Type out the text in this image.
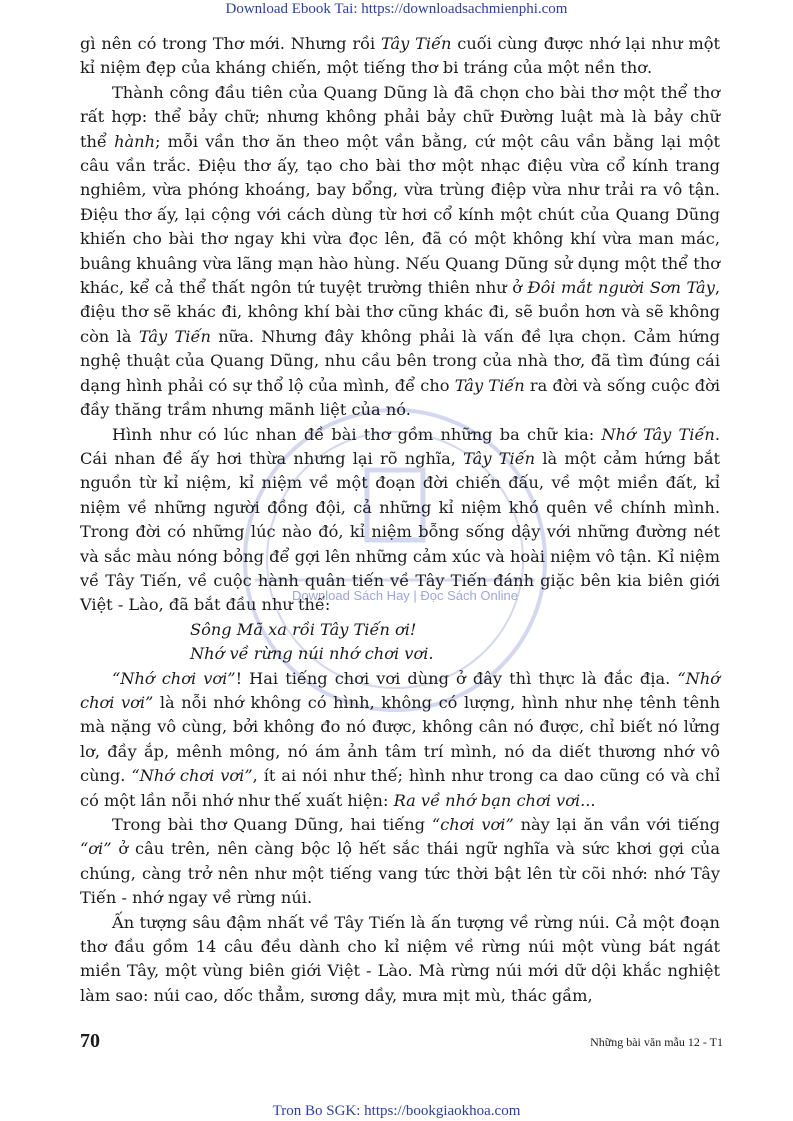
Download Ebook Tai: https://downloadsachmienphi.com
Download Sách Hay | Đọc Sách Online

gì nên có trong Thơ mới. Nhưng rồi Tây Tiến cuối cùng được nhớ lại như một kỉ niệm đẹp của kháng chiến, một tiếng thơ bi tráng của một nền thơ.

Thành công đầu tiên của Quang Dũng là đã chọn cho bài thơ một thể thơ rất hợp: thể bảy chữ; nhưng không phải bảy chữ Đường luật mà là bảy chữ thể hành; mỗi vần thơ ăn theo một vần bằng, cứ một câu vần bằng lại một câu vần trắc. Điệu thơ ấy, tạo cho bài thơ một nhạc điệu vừa cổ kính trang nghiêm, vừa phóng khoáng, bay bổng, vừa trùng điệp vừa như trải ra vô tận. Điệu thơ ấy, lại cộng với cách dùng từ hơi cổ kính một chút của Quang Dũng khiến cho bài thơ ngay khi vừa đọc lên, đã có một không khí vừa man mác, buâng khuâng vừa lãng mạn hào hùng. Nếu Quang Dũng sử dụng một thể thơ khác, kể cả thể thất ngôn tứ tuyệt trường thiên như ở Đôi mắt người Sơn Tây, điệu thơ sẽ khác đi, không khí bài thơ cũng khác đi, sẽ buồn hơn và sẽ không còn là Tây Tiến nữa. Nhưng đây không phải là vấn đề lựa chọn. Cảm hứng nghệ thuật của Quang Dũng, nhu cầu bên trong của nhà thơ, đã tìm đúng cái dạng hình phải có sự thổ lộ của mình, để cho Tây Tiến ra đời và sống cuộc đời đầy thăng trầm nhưng mãnh liệt của nó.

Hình như có lúc nhan đề bài thơ gồm những ba chữ kia: Nhớ Tây Tiến. Cái nhan đề ấy hơi thừa nhưng lại rõ nghĩa, Tây Tiến là một cảm hứng bắt nguồn từ kỉ niệm, kỉ niệm về một đoạn đời chiến đấu, về một miền đất, kỉ niệm về những người đồng đội, cả những kỉ niệm khó quên về chính mình. Trong đời có những lúc nào đó, kỉ niệm bỗng sống dậy với những đường nét và sắc màu nóng bỏng để gợi lên những cảm xúc và hoài niệm vô tận. Kỉ niệm về Tây Tiến, về cuộc hành quân tiến về Tây Tiến đánh giặc bên kia biên giới Việt - Lào, đã bắt đầu như thế:

Sông Mã xa rồi Tây Tiến ơi!
Nhớ về rừng núi nhớ chơi vơi.

“Nhớ chơi vơi”! Hai tiếng chơi vơi dùng ở đây thì thực là đắc địa. “Nhớ chơi vơi” là nỗi nhớ không có hình, không có lượng, hình như nhẹ tênh tênh mà nặng vô cùng, bởi không đo nó được, không cân nó được, chỉ biết nó lửng lơ, đầy ắp, mênh mông, nó ám ảnh tâm trí mình, nó da diết thương nhớ vô cùng. “Nhớ chơi vơi”, ít ai nói như thế; hình như trong ca dao cũng có và chỉ có một lần nỗi nhớ như thế xuất hiện: Ra về nhớ bạn chơi vơi...

Trong bài thơ Quang Dũng, hai tiếng “chơi vơi” này lại ăn vần với tiếng “ơi” ở câu trên, nên càng bộc lộ hết sắc thái ngữ nghĩa và sức khơi gợi của chúng, càng trở nên như một tiếng vang tức thời bật lên từ cõi nhớ: nhớ Tây Tiến - nhớ ngay về rừng núi.

Ấn tượng sâu đậm nhất về Tây Tiến là ấn tượng về rừng núi. Cả một đoạn thơ đầu gồm 14 câu đều dành cho kỉ niệm về rừng núi một vùng bát ngát miền Tây, một vùng biên giới Việt - Lào. Mà rừng núi mới dữ dội khắc nghiệt làm sao: núi cao, dốc thẳm, sương dầy, mưa mịt mù, thác gầm,

70	Những bài văn mẫu 12 - T1
Tron Bo SGK: https://bookgiaokhoa.com
